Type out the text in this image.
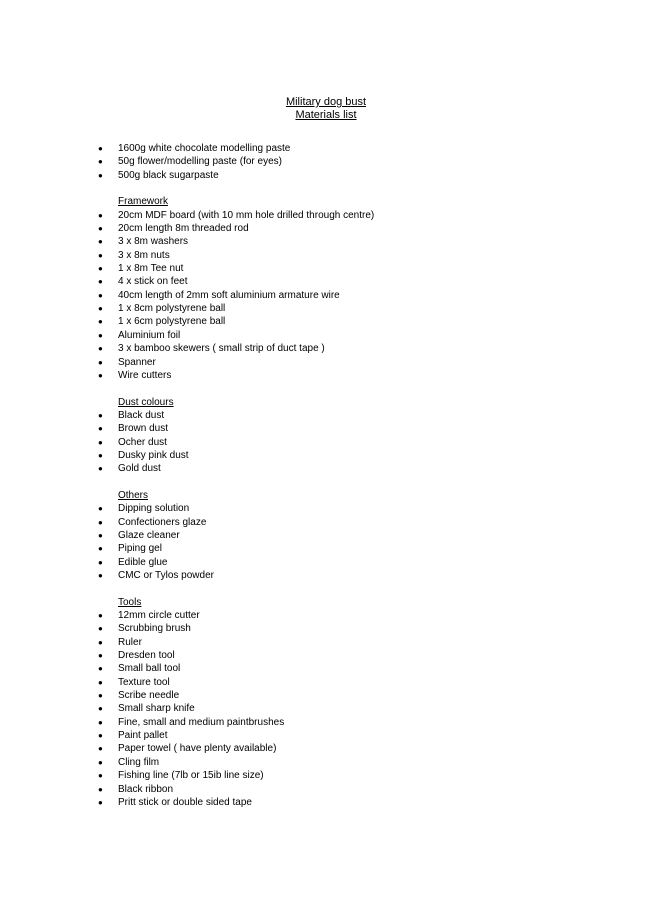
Military dog bust
Materials list
● 1600g white chocolate modelling paste
● 50g flower/modelling paste (for eyes)
● 500g black sugarpaste
Framework
● 20cm MDF board (with 10 mm hole drilled through centre)
● 20cm length 8m threaded rod
● 3 x 8m washers
● 3 x 8m nuts
● 1 x 8m Tee nut
● 4 x stick on feet
● 40cm length of 2mm soft aluminium armature wire
● 1 x 8cm polystyrene ball
● 1 x 6cm polystyrene ball
● Aluminium foil
● 3 x bamboo skewers ( small strip of duct tape )
● Spanner
● Wire cutters
Dust colours
● Black dust
● Brown dust
● Ocher dust
● Dusky pink dust
● Gold dust
Others
● Dipping solution
● Confectioners glaze
● Glaze cleaner
● Piping gel
● Edible glue
● CMC or Tylos powder
Tools
● 12mm circle cutter
● Scrubbing brush
● Ruler
● Dresden tool
● Small ball tool
● Texture tool
● Scribe needle
● Small sharp knife
● Fine, small and medium paintbrushes
● Paint pallet
● Paper towel ( have plenty available)
● Cling film
● Fishing line (7lb or 15ib line size)
● Black ribbon
● Pritt stick or double sided tape
